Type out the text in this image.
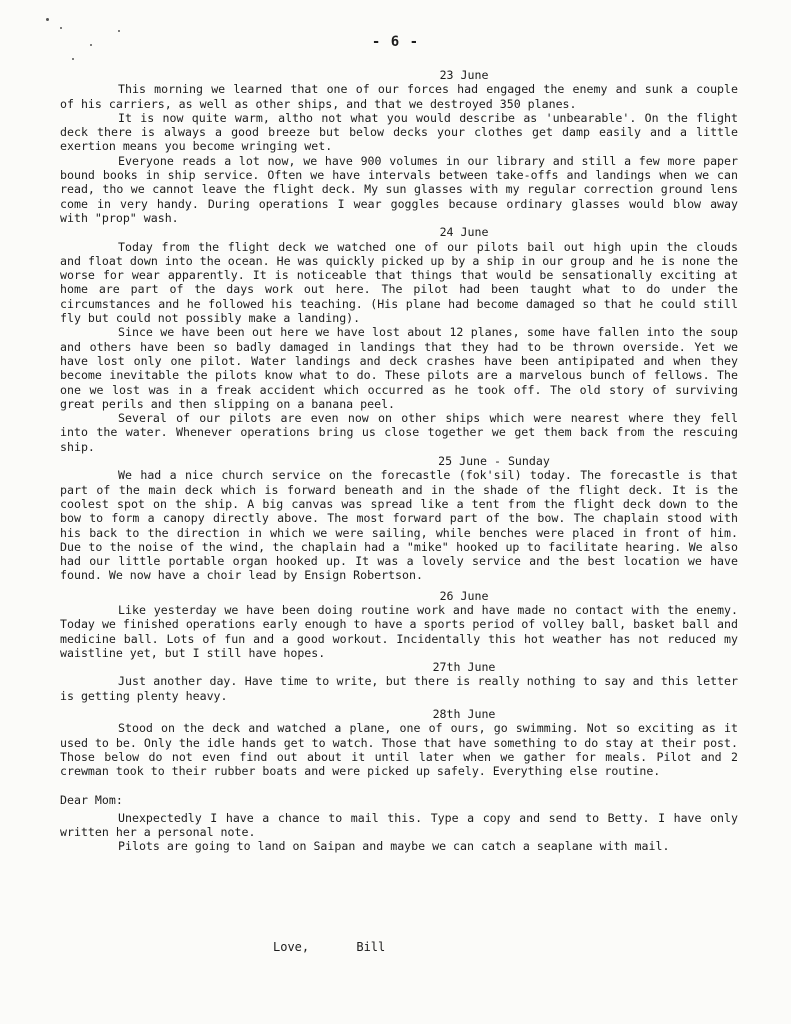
- 6 -

23 June

This morning we learned that one of our forces had engaged the enemy and sunk a couple of his carriers, as well as other ships, and that we destroyed 350 planes.

It is now quite warm, altho not what you would describe as 'unbearable'. On the flight deck there is always a good breeze but below decks your clothes get damp easily and a little exertion means you become wringing wet.

Everyone reads a lot now, we have 900 volumes in our library and still a few more paper bound books in ship service. Often we have intervals between take-offs and landings when we can read, tho we cannot leave the flight deck. My sun glasses with my regular correction ground lens come in very handy. During operations I wear goggles because ordinary glasses would blow away with "prop" wash.

24 June

Today from the flight deck we watched one of our pilots bail out high upin the clouds and float down into the ocean. He was quickly picked up by a ship in our group and he is none the worse for wear apparently. It is noticeable that things that would be sensationally exciting at home are part of the days work out here. The pilot had been taught what to do under the circumstances and he followed his teaching. (His plane had become damaged so that he could still fly but could not possibly make a landing).

Since we have been out here we have lost about 12 planes, some have fallen into the soup and others have been so badly damaged in landings that they had to be thrown overside. Yet we have lost only one pilot. Water landings and deck crashes have been antipipated and when they become inevitable the pilots know what to do. These pilots are a marvelous bunch of fellows. The one we lost was in a freak accident which occurred as he took off. The old story of surviving great perils and then slipping on a banana peel.

Several of our pilots are even now on other ships which were nearest where they fell into the water. Whenever operations bring us close together we get them back from the rescuing ship.

25 June - Sunday

We had a nice church service on the forecastle (fok'sil) today. The forecastle is that part of the main deck which is forward beneath and in the shade of the flight deck. It is the coolest spot on the ship. A big canvas was spread like a tent from the flight deck down to the bow to form a canopy directly above. The most forward part of the bow. The chaplain stood with his back to the direction in which we were sailing, while benches were placed in front of him. Due to the noise of the wind, the chaplain had a "mike" hooked up to facilitate hearing. We also had our little portable organ hooked up. It was a lovely service and the best location we have found. We now have a choir lead by Ensign Robertson.

26 June

Like yesterday we have been doing routine work and have made no contact with the enemy. Today we finished operations early enough to have a sports period of volley ball, basket ball and medicine ball. Lots of fun and a good workout. Incidentally this hot weather has not reduced my waistline yet, but I still have hopes.

27th June

Just another day. Have time to write, but there is really nothing to say and this letter is getting plenty heavy.

28th June

Stood on the deck and watched a plane, one of ours, go swimming. Not so exciting as it used to be. Only the idle hands get to watch. Those that have something to do stay at their post. Those below do not even find out about it until later when we gather for meals. Pilot and 2 crewman took to their rubber boats and were picked up safely. Everything else routine.

Dear Mom:

Unexpectedly I have a chance to mail this. Type a copy and send to Betty. I have only written her a personal note.

Pilots are going to land on Saipan and maybe we can catch a seaplane with mail.

Love,	Bill
